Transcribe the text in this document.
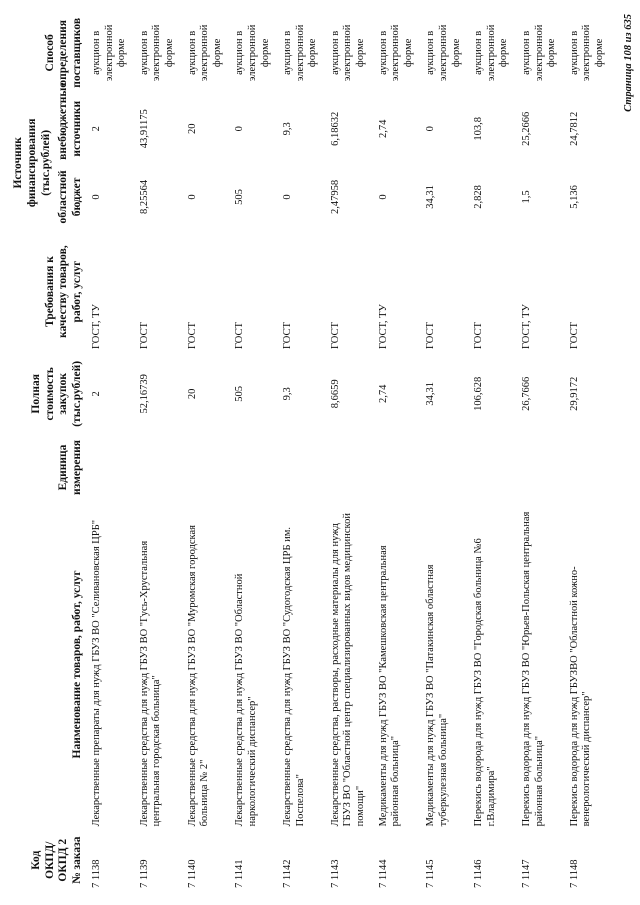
Код ОКПД/ ОКПД 2 № заказа	Наименование товаров, работ, услуг	Единица измерения	Полная стоимость закупок (тыс.рублей)	Требования к качеству товаров, работ, услуг	Источник финансирования (тыс.рублей)		Способ определения поставщиков
					областной бюджет	внебюджетные источники	
7 1138	Лекарственные препараты для нужд ГБУЗ ВО "Селивановская ЦРБ"		2	ГОСТ, ТУ	0	2	аукцион в электронной форме
7 1139	Лекарственные средства для нужд ГБУЗ ВО "Гусь-Хрустальная центральная городская больница"		52,16739	ГОСТ	8,25564	43,91175	аукцион в электронной форме
7 1140	Лекарственные средства для нужд ГБУЗ ВО "Муромская городская больница № 2"		20	ГОСТ	0	20	аукцион в электронной форме
7 1141	Лекарственные средства для нужд ГБУЗ ВО "Областной наркологический диспансер"		505	ГОСТ	505	0	аукцион в электронной форме
7 1142	Лекарственные средства для нужд ГБУЗ ВО "Судогодская ЦРБ им. Поспелова"		9,3	ГОСТ	0	9,3	аукцион в электронной форме
7 1143	Лекарственные средства, растворы, расходные материалы для нужд ГБУЗ ВО "Областной центр специализированных видов медицинской помощи"		8,6659	ГОСТ	2,47958	6,18632	аукцион в электронной форме
7 1144	Медикаменты для нужд ГБУЗ ВО "Камешковская центральная районная больница"		2,74	ГОСТ, ТУ	0	2,74	аукцион в электронной форме
7 1145	Медикаменты для нужд ГБУЗ ВО "Патакинская областная туберкулезная больница"		34,31	ГОСТ	34,31	0	аукцион в электронной форме
7 1146	Перекись водорода для нужд ГБУЗ ВО "Городская больница №6 г.Владимира"		106,628	ГОСТ	2,828	103,8	аукцион в электронной форме
7 1147	Перекись водорода для нужд ГБУЗ ВО "Юрьев-Польская центральная районная больница"		26,7666	ГОСТ, ТУ	1,5	25,2666	аукцион в электронной форме
7 1148	Перекись водорода для нужд ГБУЗВО "Областной кожно-венерологический диспансер"		29,9172	ГОСТ	5,136	24,7812	аукцион в электронной форме Страница 108 из 635
